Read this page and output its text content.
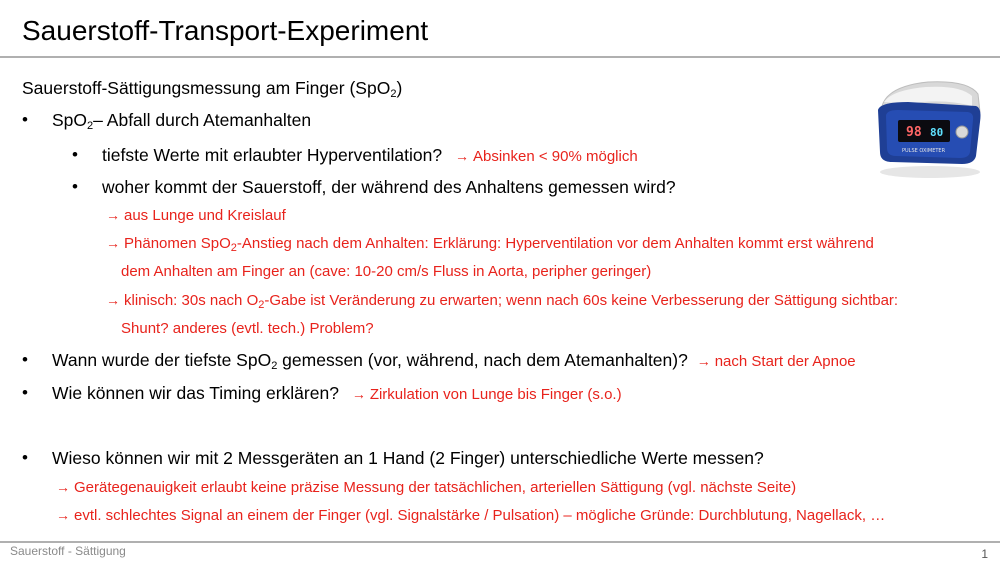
Sauerstoff-Transport-Experiment
Sauerstoff-Sättigungsmessung am Finger (SpO$_2$)
• SpO$_2$– Abfall durch Atemanhalten
• tiefste Werte mit erlaubter Hyperventilation? → Absinken < 90% möglich
• woher kommt der Sauerstoff, der während des Anhaltens gemessen wird?
→ aus Lunge und Kreislauf
→ Phänomen SpO$_2$-Anstieg nach dem Anhalten: Erklärung: Hyperventilation vor dem Anhalten kommt erst während
dem Anhalten am Finger an (cave: 10-20 cm/s Fluss in Aorta, peripher geringer)
→ klinisch: 30s nach $O_2$-Gabe ist Veränderung zu erwarten; wenn nach 60s keine Verbesserung der Sättigung sichtbar:
Shunt? anderes (evtl. tech.) Problem?
• Wann wurde der tiefste SpO$_2$ gemessen (vor, während, nach dem Atemanhalten)? → nach Start der Apnoe
• Wie können wir das Timing erklären? → Zirkulation von Lunge bis Finger (s.o.)
• Wieso können wir mit 2 Messgeräten an 1 Hand (2 Finger) unterschiedliche Werte messen?
→ Gerätegenauigkeit erlaubt keine präzise Messung der tatsächlichen, arteriellen Sättigung (vgl. nächste Seite)
→ evtl. schlechtes Signal an einem der Finger (vgl. Signalstärke / Pulsation) – mögliche Gründe: Durchblutung, Nagellack, …
98 80
PULSE OXIMETER
Sauerstoff - Sättigung	1
